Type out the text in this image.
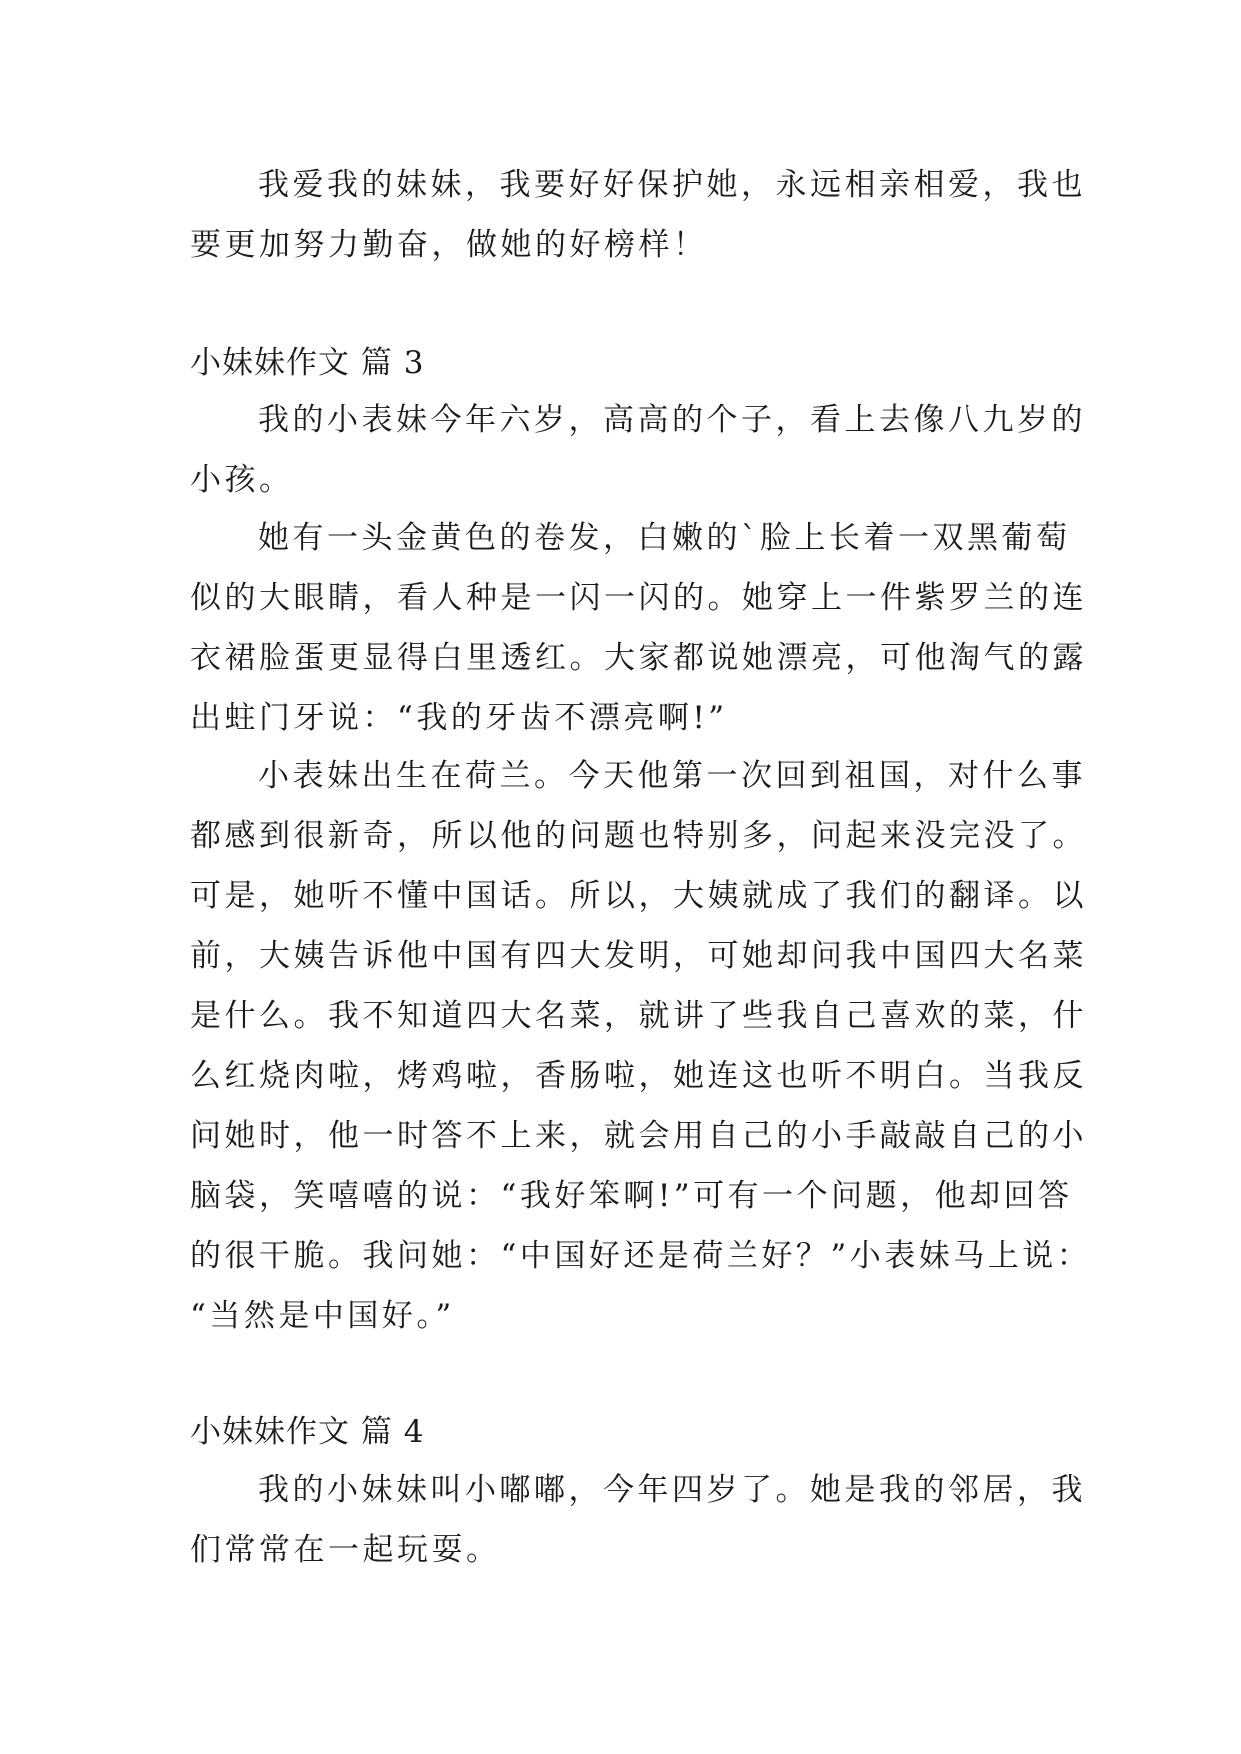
我爱我的妹妹，我要好好保护她，永远相亲相爱，我也
要更加努力勤奋，做她的好榜样！
小妹妹作文 篇 3
我的小表妹今年六岁，高高的个子，看上去像八九岁的
小孩。
她有一头金黄色的卷发，白嫩的`脸上长着一双黑葡萄
似的大眼睛，看人种是一闪一闪的。她穿上一件紫罗兰的连
衣裙脸蛋更显得白里透红。大家都说她漂亮，可他淘气的露
出蛀门牙说：“我的牙齿不漂亮啊!”
小表妹出生在荷兰。今天他第一次回到祖国，对什么事
都感到很新奇，所以他的问题也特别多，问起来没完没了。
可是，她听不懂中国话。所以，大姨就成了我们的翻译。以
前，大姨告诉他中国有四大发明，可她却问我中国四大名菜
是什么。我不知道四大名菜，就讲了些我自己喜欢的菜，什
么红烧肉啦，烤鸡啦，香肠啦，她连这也听不明白。当我反
问她时，他一时答不上来，就会用自己的小手敲敲自己的小
脑袋，笑嘻嘻的说：“我好笨啊!”可有一个问题，他却回答
的很干脆。我问她：“中国好还是荷兰好？”小表妹马上说：
“当然是中国好。”
小妹妹作文 篇 4
我的小妹妹叫小嘟嘟，今年四岁了。她是我的邻居，我
们常常在一起玩耍。
